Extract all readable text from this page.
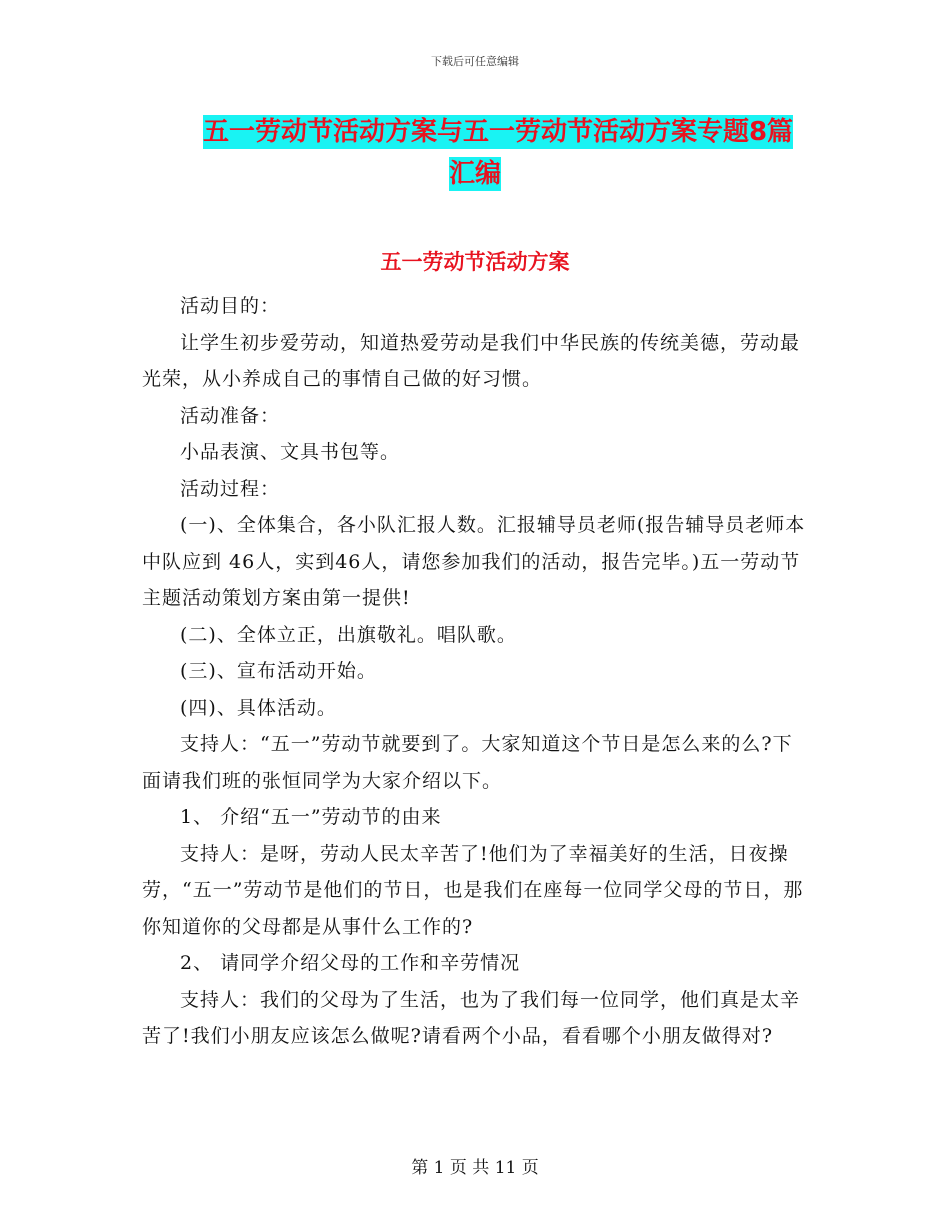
下载后可任意编辑
五一劳动节活动方案与五一劳动节活动方案专题8篇
汇编
五一劳动节活动方案

活动目的：

让学生初步爱劳动，知道热爱劳动是我们中华民族的传统美德，劳动最光荣，从小养成自己的事情自己做的好习惯。

活动准备：

小品表演、文具书包等。

活动过程：

(一)、全体集合，各小队汇报人数。汇报辅导员老师(报告辅导员老师本中队应到 46人，实到46人，请您参加我们的活动，报告完毕。)五一劳动节主题活动策划方案由第一提供!

(二)、全体立正，出旗敬礼。唱队歌。

(三)、宣布活动开始。

(四)、具体活动。

支持人：“五一”劳动节就要到了。大家知道这个节日是怎么来的么?下面请我们班的张恒同学为大家介绍以下。

1、 介绍“五一”劳动节的由来

支持人：是呀，劳动人民太辛苦了!他们为了幸福美好的生活，日夜操劳，“五一”劳动节是他们的节日，也是我们在座每一位同学父母的节日，那你知道你的父母都是从事什么工作的?

2、 请同学介绍父母的工作和辛劳情况

支持人：我们的父母为了生活，也为了我们每一位同学，他们真是太辛苦了!我们小朋友应该怎么做呢?请看两个小品，看看哪个小朋友做得对?

第 1 页 共 11 页
